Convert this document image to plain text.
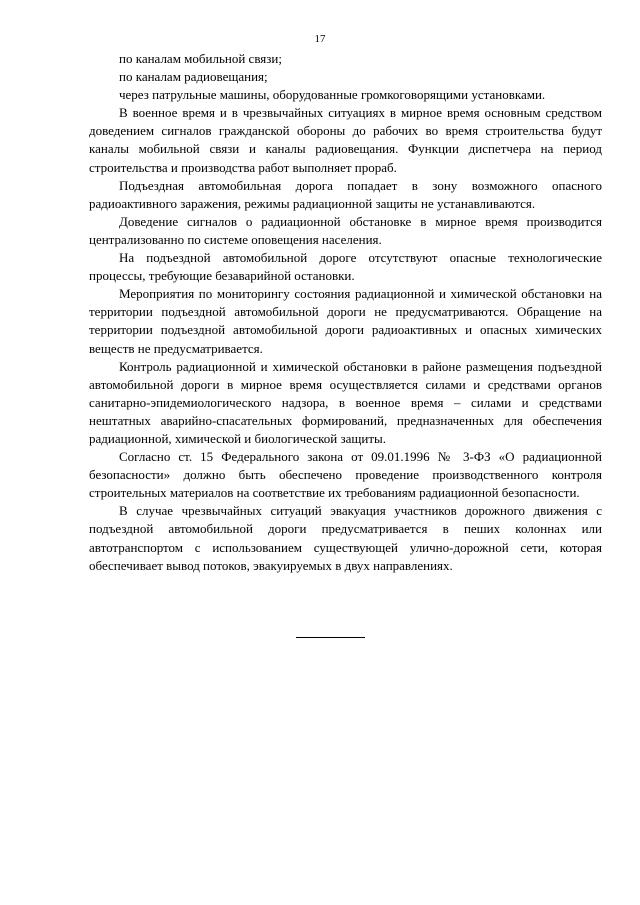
17

по каналам мобильной связи;

по каналам радиовещания;

через патрульные машины, оборудованные громкоговорящими установками.

В военное время и в чрезвычайных ситуациях в мирное время основным средством доведением сигналов гражданской обороны до рабочих во время строительства будут каналы мобильной связи и каналы радиовещания. Функции диспетчера на период строительства и производства работ выполняет прораб.

Подъездная автомобильная дорога попадает в зону возможного опасного радиоактивного заражения, режимы радиационной защиты не устанавливаются.

Доведение сигналов о радиационной обстановке в мирное время производится централизованно по системе оповещения населения.

На подъездной автомобильной дороге отсутствуют опасные технологические процессы, требующие безаварийной остановки.

Мероприятия по мониторингу состояния радиационной и химической обстановки на территории подъездной автомобильной дороги не предусматриваются. Обращение на территории подъездной автомобильной дороги радиоактивных и опасных химических веществ не предусматривается.

Контроль радиационной и химической обстановки в районе размещения подъездной автомобильной дороги в мирное время осуществляется силами и средствами органов санитарно-эпидемиологического надзора, в военное время – силами и средствами нештатных аварийно-спасательных формирований, предназначенных для обеспечения радиационной, химической и биологической защиты.

Согласно ст. 15 Федерального закона от 09.01.1996 № 3-ФЗ «О радиационной безопасности» должно быть обеспечено проведение производственного контроля строительных материалов на соответствие их требованиям радиационной безопасности.

В случае чрезвычайных ситуаций эвакуация участников дорожного движения с подъездной автомобильной дороги предусматривается в пеших колоннах или автотранспортом с использованием существующей улично-дорожной сети, которая обеспечивает вывод потоков, эвакуируемых в двух направлениях.
